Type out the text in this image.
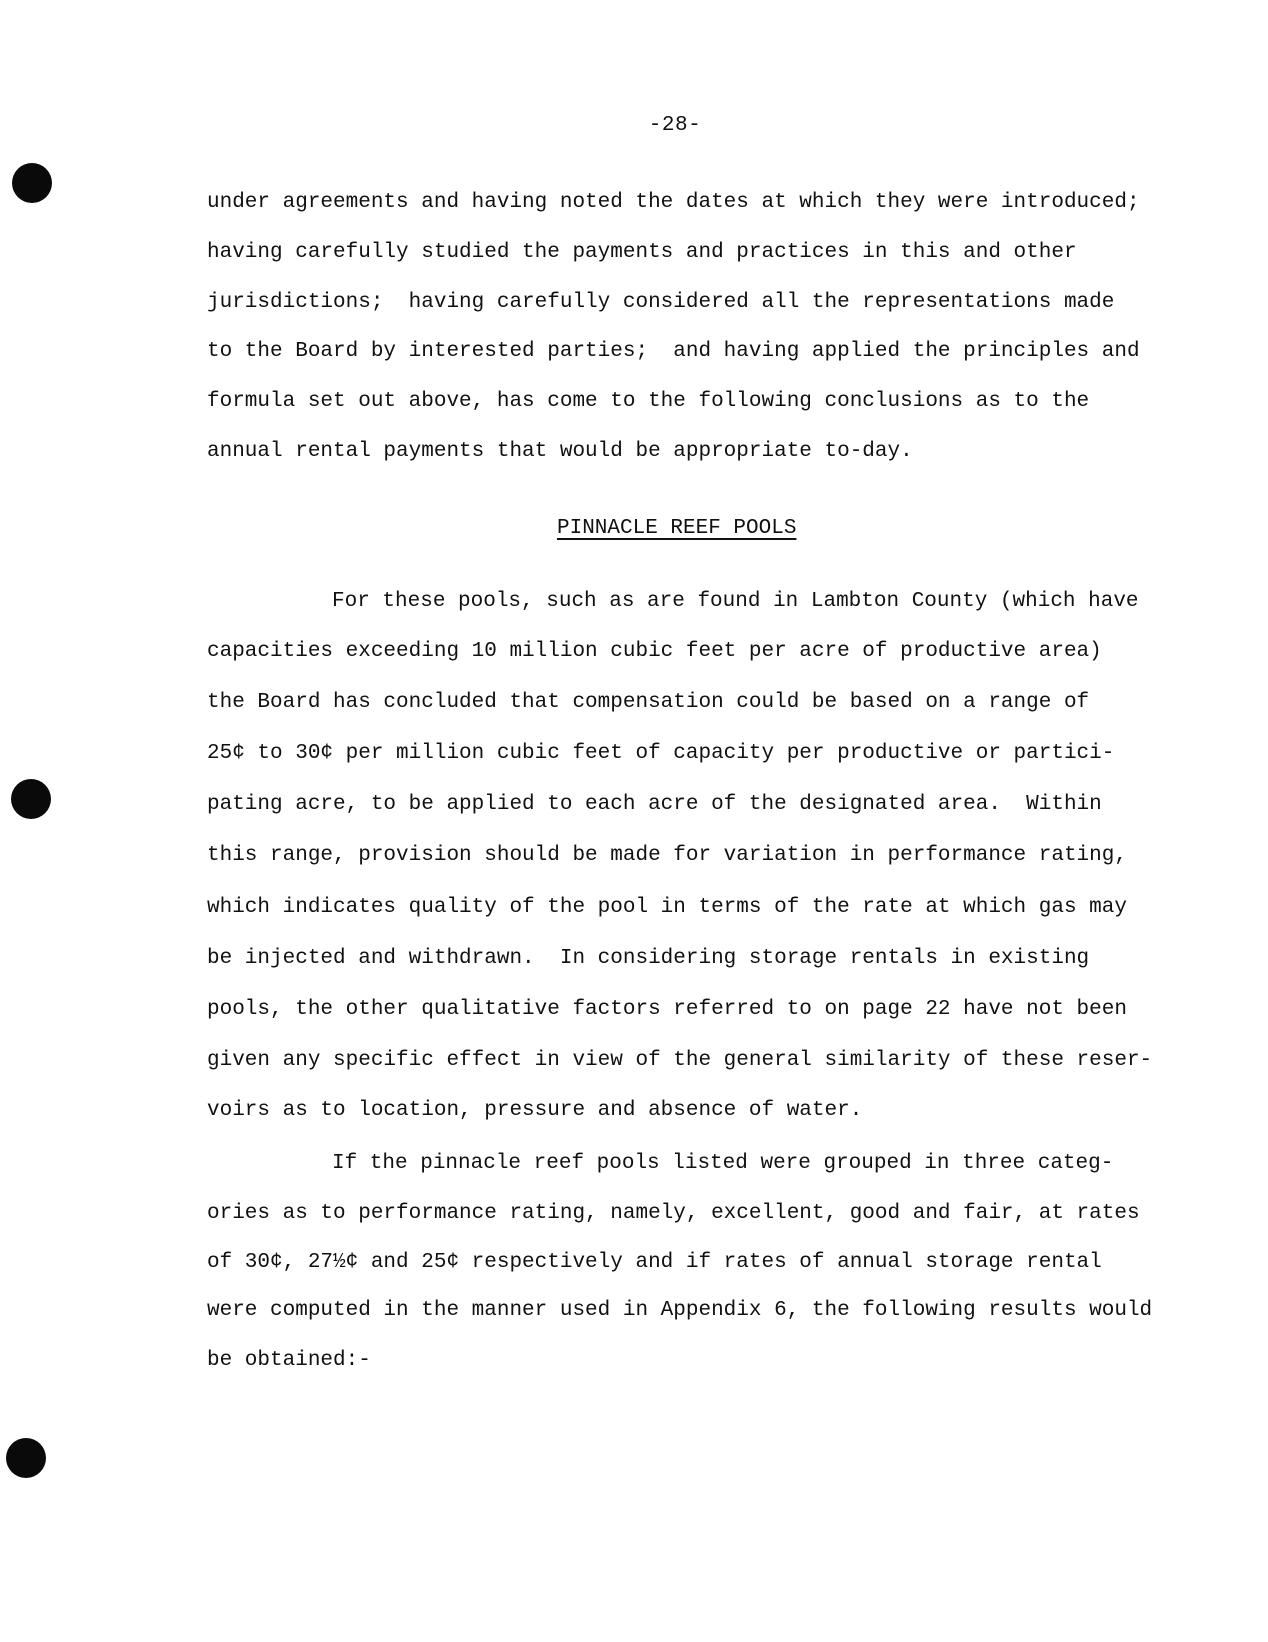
-28-
under agreements and having noted the dates at which they were introduced;
having carefully studied the payments and practices in this and other
jurisdictions;  having carefully considered all the representations made
to the Board by interested parties;  and having applied the principles and
formula set out above, has come to the following conclusions as to the
annual rental payments that would be appropriate to-day.
PINNACLE REEF POOLS
For these pools, such as are found in Lambton County (which have
capacities exceeding 10 million cubic feet per acre of productive area)
the Board has concluded that compensation could be based on a range of
25¢ to 30¢ per million cubic feet of capacity per productive or partici-
pating acre, to be applied to each acre of the designated area.  Within
this range, provision should be made for variation in performance rating,
which indicates quality of the pool in terms of the rate at which gas may
be injected and withdrawn.  In considering storage rentals in existing
pools, the other qualitative factors referred to on page 22 have not been
given any specific effect in view of the general similarity of these reser-
voirs as to location, pressure and absence of water.
If the pinnacle reef pools listed were grouped in three categ-
ories as to performance rating, namely, excellent, good and fair, at rates
of 30¢, 27½¢ and 25¢ respectively and if rates of annual storage rental
were computed in the manner used in Appendix 6, the following results would
be obtained:-
